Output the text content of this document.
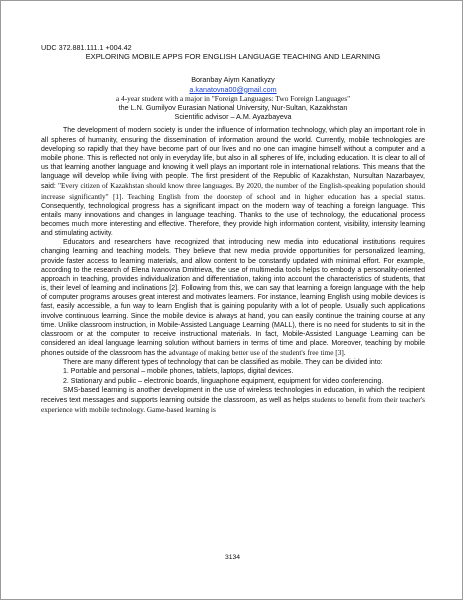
UDC 372.881.111.1 +004.42

EXPLORING MOBILE APPS FOR ENGLISH LANGUAGE TEACHING AND LEARNING

Boranbay Aiym Kanatkyzy
a.kanatovna00@gmail.com
a 4-year student with a major in "Foreign Languages: Two Foreign Languages"
the L.N. Gumilyov Eurasian National University, Nur-Sultan, Kazakhstan
Scientific advisor – A.M. Ayazbayeva

The development of modern society is under the influence of information technology, which play an important role in all spheres of humanity, ensuring the dissemination of information around the world. Currently, mobile technologies are developing so rapidly that they have become part of our lives and no one can imagine himself without a computer and a mobile phone. This is reflected not only in everyday life, but also in all spheres of life, including education. It is clear to all of us that learning another language and knowing it well plays an important role in international relations. This means that the language will develop while living with people. The first president of the Republic of Kazakhstan, Nursultan Nazarbayev, said: "Every citizen of Kazakhstan should know three languages. By 2020, the number of the English-speaking population should increase significantly" [1]. Teaching English from the doorstep of school and in higher education has a special status. Consequently, technological progress has a significant impact on the modern way of teaching a foreign language. This entails many innovations and changes in language teaching. Thanks to the use of technology, the educational process becomes much more interesting and effective. Therefore, they provide high information content, visibility, intensity learning and stimulating activity.

Educators and researchers have recognized that introducing new media into educational institutions requires changing learning and teaching models. They believe that new media provide opportunities for personalized learning, provide faster access to learning materials, and allow content to be constantly updated with minimal effort. For example, according to the research of Elena Ivanovna Dmitrieva, the use of multimedia tools helps to embody a personality-oriented approach in teaching, provides individualization and differentiation, taking into account the characteristics of students, that is, their level of learning and inclinations [2]. Following from this, we can say that learning a foreign language with the help of computer programs arouses great interest and motivates learners. For instance, learning English using mobile devices is fast, easily accessible, a fun way to learn English that is gaining popularity with a lot of people. Usually such applications involve continuous learning. Since the mobile device is always at hand, you can easily continue the training course at any time. Unlike classroom instruction, in Mobile-Assisted Language Learning (MALL), there is no need for students to sit in the classroom or at the computer to receive instructional materials. In fact, Mobile-Assisted Language Learning can be considered an ideal language learning solution without barriers in terms of time and place. Moreover, teaching by mobile phones outside of the classroom has the advantage of making better use of the student's free time [3].

There are many different types of technology that can be classified as mobile. They can be divided into:

1. Portable and personal – mobile phones, tablets, laptops, digital devices.

2. Stationary and public – electronic boards, linguaphone equipment, equipment for video conferencing.

SMS-based learning is another development in the use of wireless technologies in education, in which the recipient receives text messages and supports learning outside the classroom, as well as helps students to benefit from their teacher's experience with mobile technology. Game-based learning is

3134
